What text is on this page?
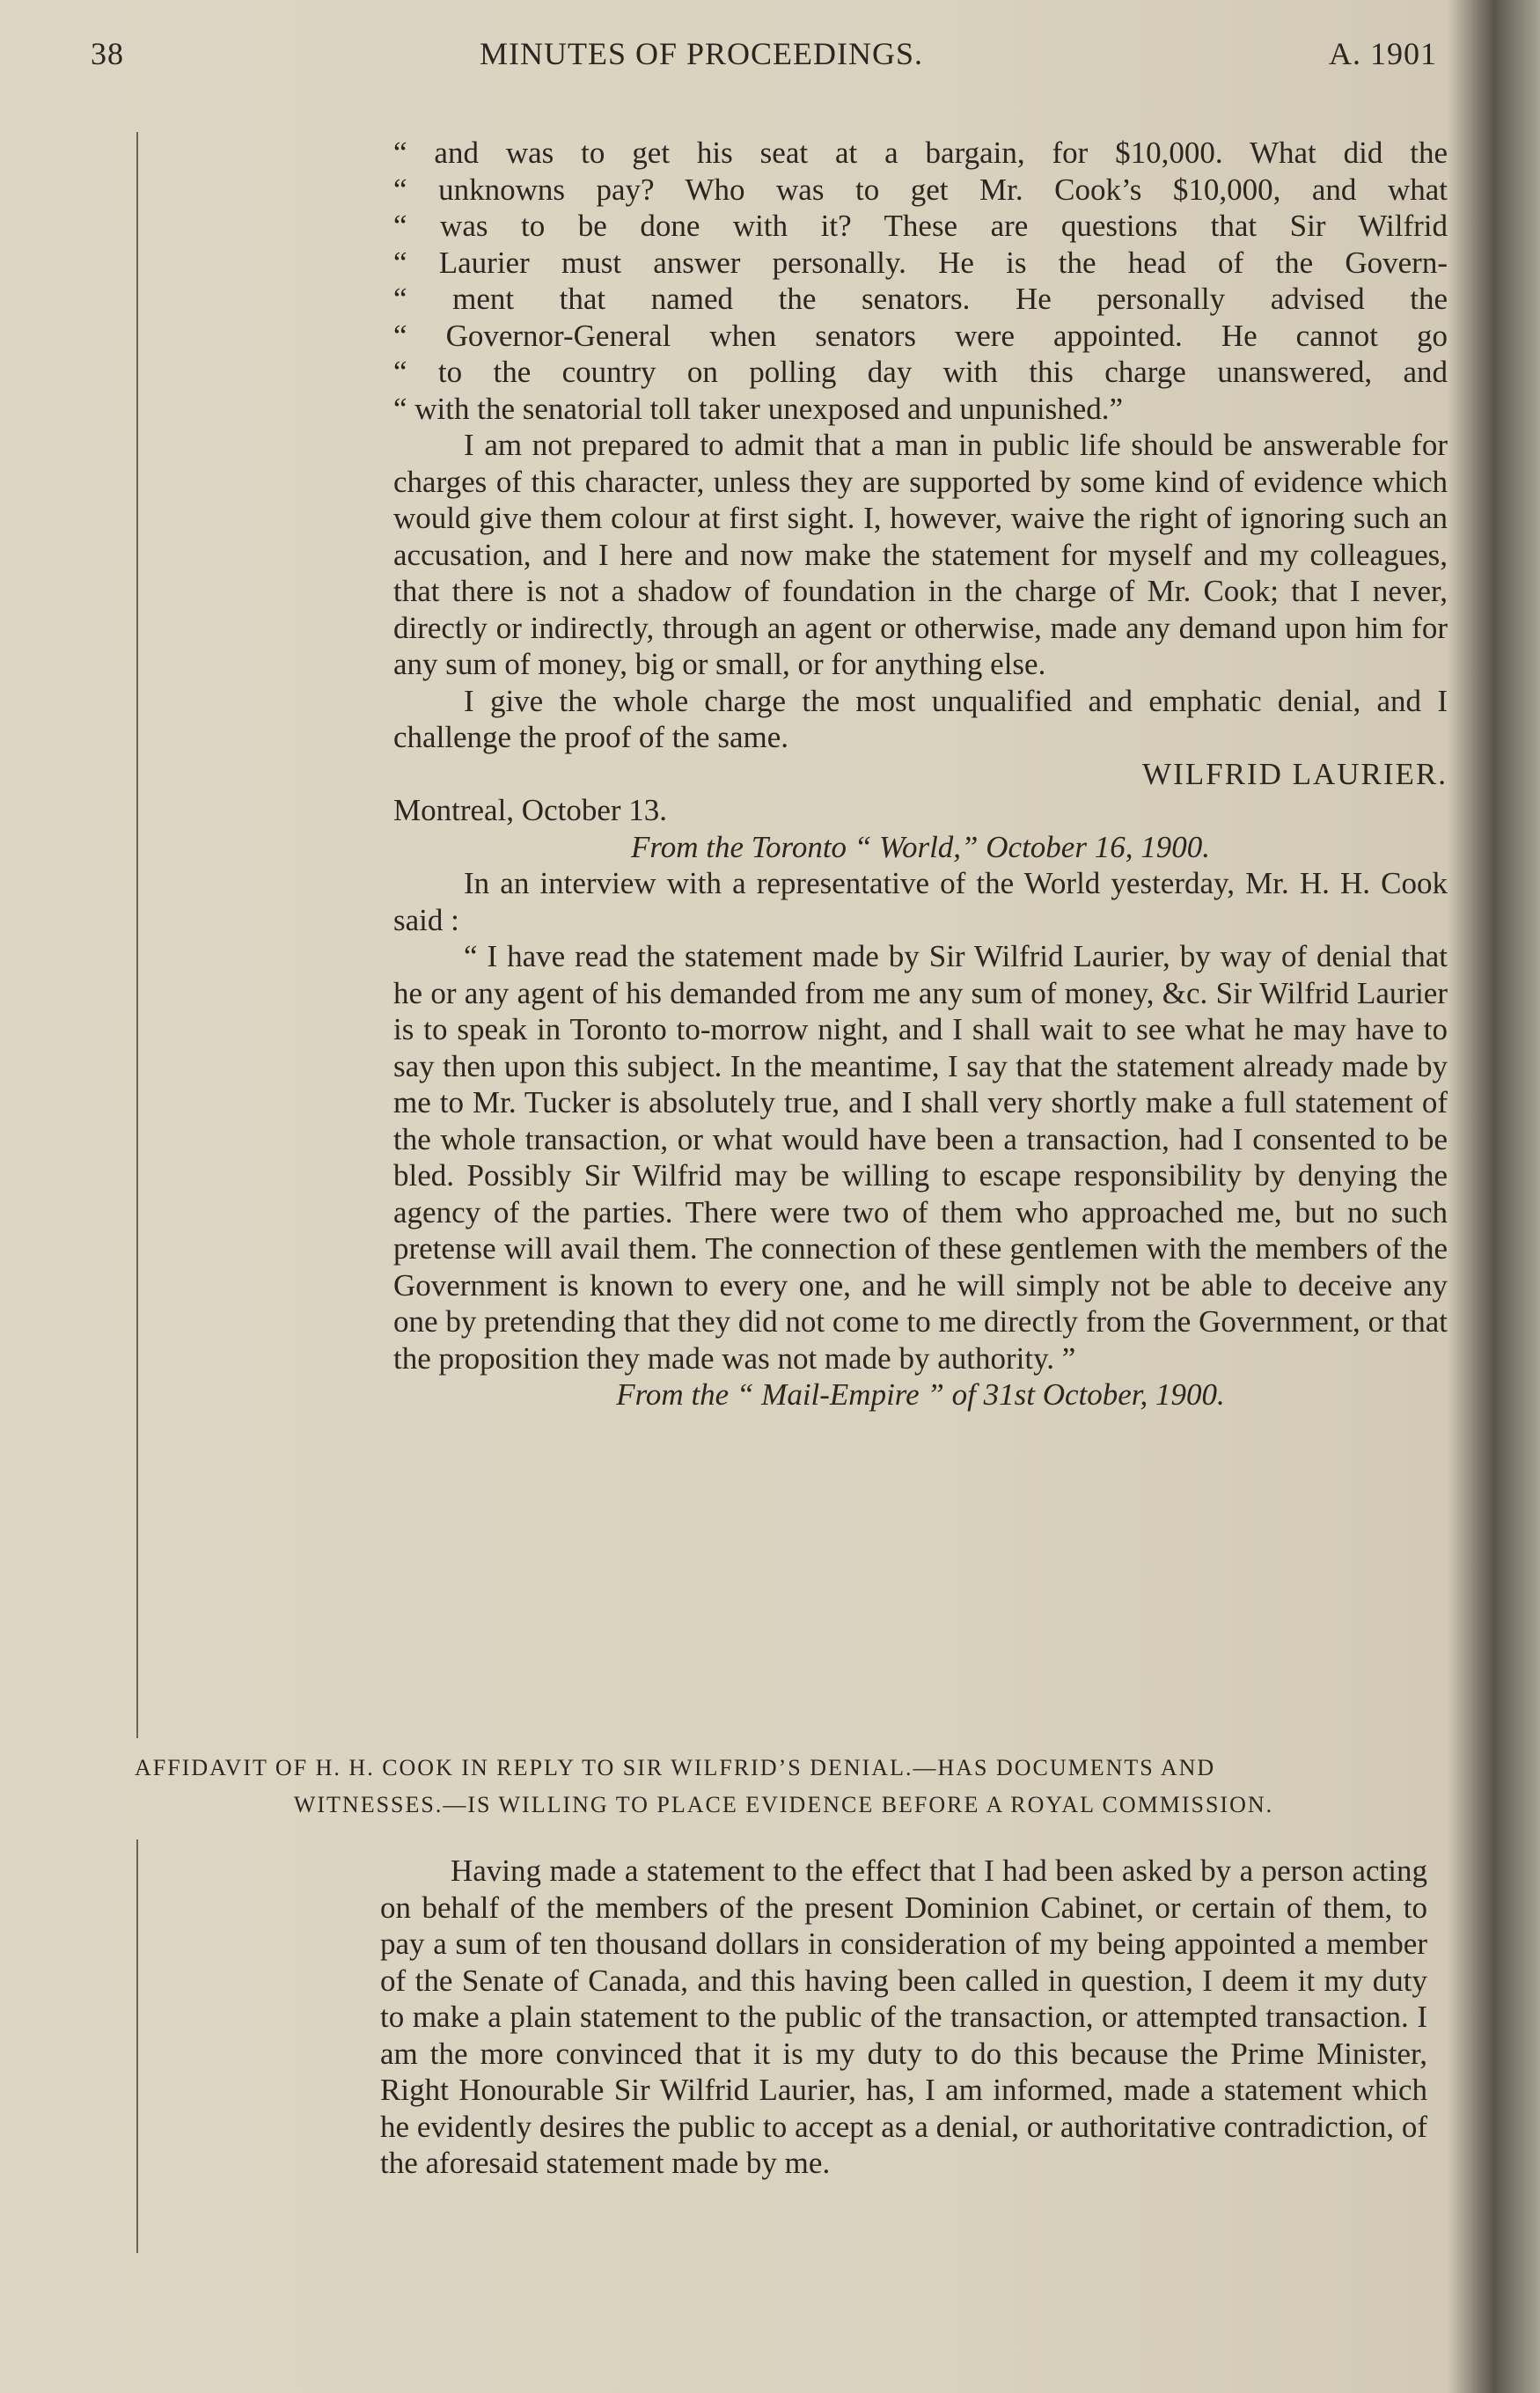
38	MINUTES OF PROCEEDINGS.	A. 1901

“ and was to get his seat at a bargain, for $10,000. What did the

“ unknowns pay? Who was to get Mr. Cook’s $10,000, and what

“ was to be done with it? These are questions that Sir Wilfrid

“ Laurier must answer personally. He is the head of the Govern-

“ ment that named the senators. He personally advised the

“ Governor-General when senators were appointed. He cannot go

“ to the country on polling day with this charge unanswered, and

“ with the senatorial toll taker unexposed and unpunished.”

I am not prepared to admit that a man in public life should be answerable for charges of this character, unless they are supported by some kind of evidence which would give them colour at first sight. I, however, waive the right of ignoring such an accusation, and I here and now make the statement for myself and my colleagues, that there is not a shadow of foundation in the charge of Mr. Cook; that I never, directly or indirectly, through an agent or otherwise, made any demand upon him for any sum of money, big or small, or for anything else.

I give the whole charge the most unqualified and emphatic denial, and I challenge the proof of the same.

WILFRID LAURIER.

Montreal, October 13.

From the Toronto “ World,” October 16, 1900.

In an interview with a representative of the World yesterday, Mr. H. H. Cook said :

“ I have read the statement made by Sir Wilfrid Laurier, by way of denial that he or any agent of his demanded from me any sum of money, &c. Sir Wilfrid Laurier is to speak in Toronto to-morrow night, and I shall wait to see what he may have to say then upon this subject. In the meantime, I say that the statement already made by me to Mr. Tucker is absolutely true, and I shall very shortly make a full statement of the whole transaction, or what would have been a transaction, had I consented to be bled. Possibly Sir Wilfrid may be willing to escape responsibility by denying the agency of the parties. There were two of them who approached me, but no such pretense will avail them. The connection of these gentlemen with the members of the Government is known to every one, and he will simply not be able to deceive any one by pretending that they did not come to me directly from the Government, or that the proposition they made was not made by authority. ”

From the “ Mail-Empire ” of 31st October, 1900.

AFFIDAVIT OF H. H. COOK IN REPLY TO SIR WILFRID’S DENIAL.—HAS DOCUMENTS AND
WITNESSES.—IS WILLING TO PLACE EVIDENCE BEFORE A ROYAL COMMISSION.

Having made a statement to the effect that I had been asked by a person acting on behalf of the members of the present Dominion Cabinet, or certain of them, to pay a sum of ten thousand dollars in consideration of my being appointed a member of the Senate of Canada, and this having been called in question, I deem it my duty to make a plain statement to the public of the transaction, or attempted transaction. I am the more convinced that it is my duty to do this because the Prime Minister, Right Honourable Sir Wilfrid Laurier, has, I am informed, made a statement which he evidently desires the public to accept as a denial, or authoritative contradiction, of the aforesaid statement made by me.
